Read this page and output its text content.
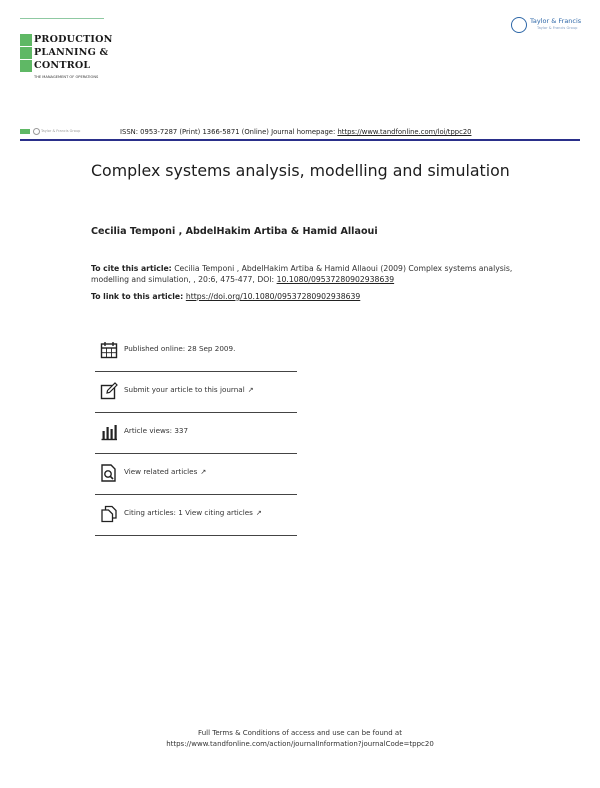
PRODUCTION
PLANNING &
CONTROL
THE MANAGEMENT OF OPERATIONS
Taylor & Francis
Taylor & Francis Group
Taylor & Francis Group	ISSN: 0953-7287 (Print) 1366-5871 (Online) Journal homepage: https://www.tandfonline.com/loi/tppc20
Complex systems analysis, modelling and simulation
Cecilia Temponi , AbdelHakim Artiba & Hamid Allaoui
To cite this article: Cecilia Temponi , AbdelHakim Artiba & Hamid Allaoui (2009) Complex systems analysis, modelling and simulation, , 20:6, 475-477, DOI: 10.1080/09537280902938639
To link to this article: https://doi.org/10.1080/09537280902938639
Published online: 28 Sep 2009.
Submit your article to this journal ↗
Article views: 337
View related articles ↗
Citing articles: 1 View citing articles ↗
Full Terms & Conditions of access and use can be found at
https://www.tandfonline.com/action/journalInformation?journalCode=tppc20
